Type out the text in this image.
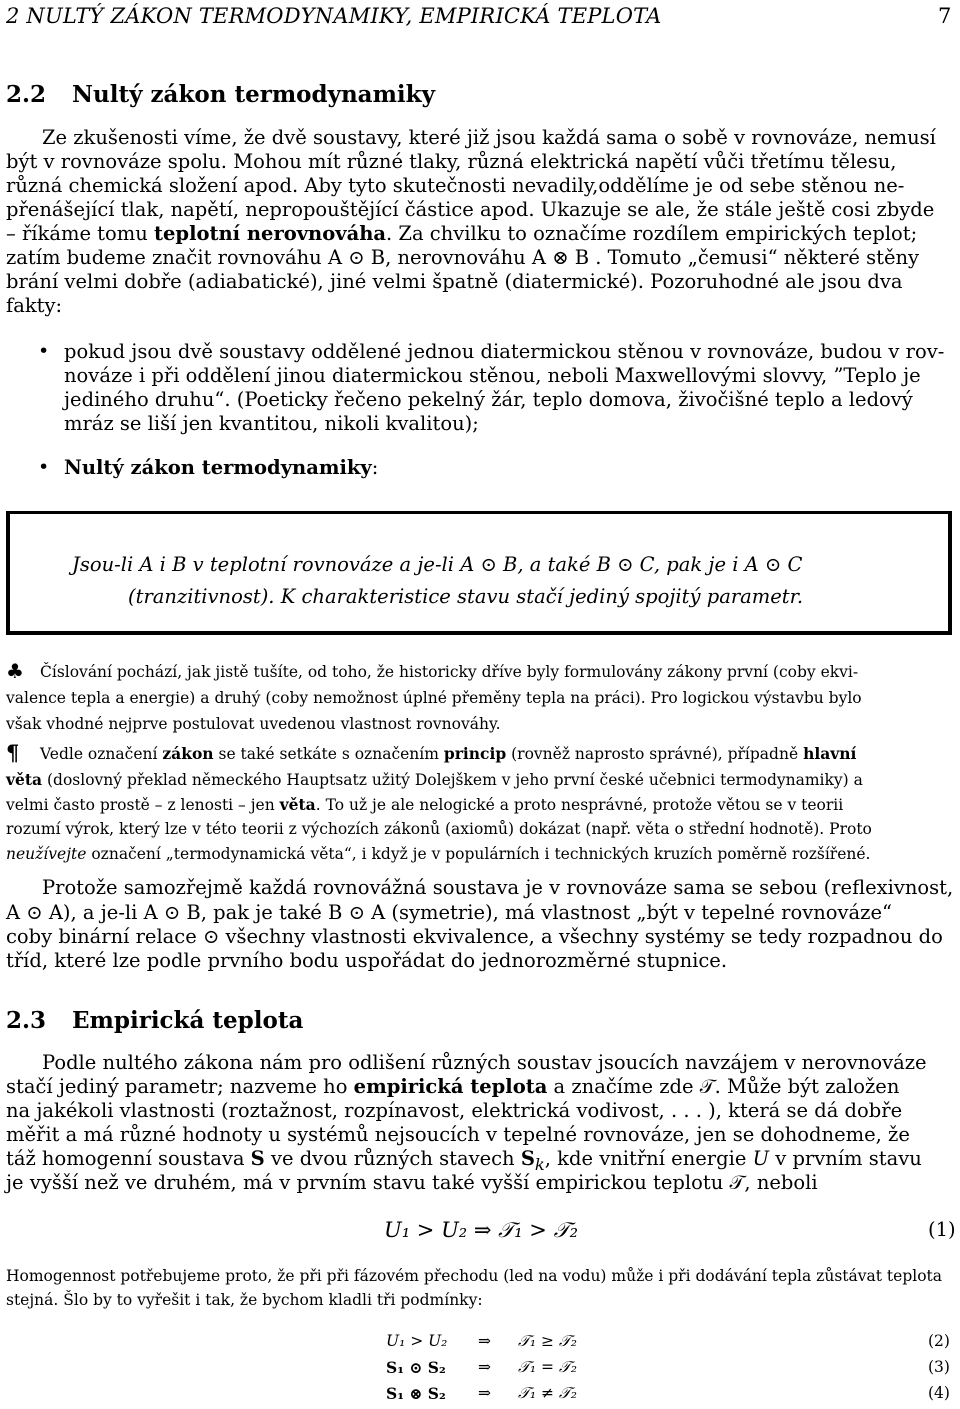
2 NULTÝ ZÁKON TERMODYNAMIKY, EMPIRICKÁ TEPLOTA	7
2.2 Nultý zákon termodynamiky
Ze zkušenosti víme, že dvě soustavy, které již jsou každá sama o sobě v rovnováze, nemusí
být v rovnováze spolu. Mohou mít různé tlaky, různá elektrická napětí vůči třetímu tělesu,
různá chemická složení apod. Aby tyto skutečnosti nevadily,oddělíme je od sebe stěnou ne-
přenášející tlak, napětí, nepropouštějící částice apod. Ukazuje se ale, že stále ještě cosi zbyde
– říkáme tomu teplotní nerovnováha. Za chvilku to označíme rozdílem empirických teplot;
zatím budeme značit rovnováhu A ⊙ B, nerovnováhu A ⊗ B . Tomuto „čemusi“ některé stěny
brání velmi dobře (adiabatické), jiné velmi špatně (diatermické). Pozoruhodné ale jsou dva
fakty:
• pokud jsou dvě soustavy oddělené jednou diatermickou stěnou v rovnováze, budou v rov-
nováze i při oddělení jinou diatermickou stěnou, neboli Maxwellovými slovvy, ”Teplo je
jediného druhu“. (Poeticky řečeno pekelný žár, teplo domova, živočišné teplo a ledový
mráz se liší jen kvantitou, nikoli kvalitou);
• Nultý zákon termodynamiky:
Jsou-li A i B v teplotní rovnováze a je-li A ⊙ B, a také B ⊙ C, pak je i A ⊙ C
(tranzitivnost). K charakteristice stavu stačí jediný spojitý parametr.
♣ Číslování pochází, jak jistě tušíte, od toho, že historicky dříve byly formulovány zákony první (coby ekvi-
valence tepla a energie) a druhý (coby nemožnost úplné přeměny tepla na práci). Pro logickou výstavbu bylo
však vhodné nejprve postulovat uvedenou vlastnost rovnováhy.
¶ Vedle označení zákon se také setkáte s označením princip (rovněž naprosto správné), případně hlavní
věta (doslovný překlad německého Hauptsatz užitý Dolejškem v jeho první české učebnici termodynamiky) a
velmi často prostě – z lenosti – jen věta. To už je ale nelogické a proto nesprávné, protože větou se v teorii
rozumí výrok, který lze v této teorii z výchozích zákonů (axiomů) dokázat (např. věta o střední hodnotě). Proto
neužívejte označení „termodynamická věta“, i když je v populárních i technických kruzích poměrně rozšířené.
Protože samozřejmě každá rovnovážná soustava je v rovnováze sama se sebou (reflexivnost,
A ⊙ A), a je-li A ⊙ B, pak je také B ⊙ A (symetrie), má vlastnost „být v tepelné rovnováze“
coby binární relace ⊙ všechny vlastnosti ekvivalence, a všechny systémy se tedy rozpadnou do
tříd, které lze podle prvního bodu uspořádat do jednorozměrné stupnice.
2.3 Empirická teplota
Podle nultého zákona nám pro odlišení různých soustav jsoucích navzájem v nerovnováze
stačí jediný parametr; nazveme ho empirická teplota a značíme zde 𝒯. Může být založen
na jakékoli vlastnosti (roztažnost, rozpínavost, elektrická vodivost, . . . ), která se dá dobře
měřit a má různé hodnoty u systémů nejsoucích v tepelné rovnováze, jen se dohodneme, že
táž homogenní soustava S ve dvou různých stavech $S_k$, kde vnitřní energie U v prvním stavu
je vyšší než ve druhém, má v prvním stavu také vyšší empirickou teplotu 𝒯, neboli
U₁ > U₂ ⇒ 𝒯₁ > 𝒯₂	(1)
Homogennost potřebujeme proto, že při při fázovém přechodu (led na vodu) může i při dodávání tepla zůstávat teplota
stejná. Šlo by to vyřešit i tak, že bychom kladli tři podmínky:
U₁ > U₂ ⇒ 𝒯₁ ≥ 𝒯₂	(2)
S₁ ⊙ S₂ ⇒ 𝒯₁ = 𝒯₂	(3)
S₁ ⊗ S₂ ⇒ 𝒯₁ ≠ 𝒯₂	(4)
